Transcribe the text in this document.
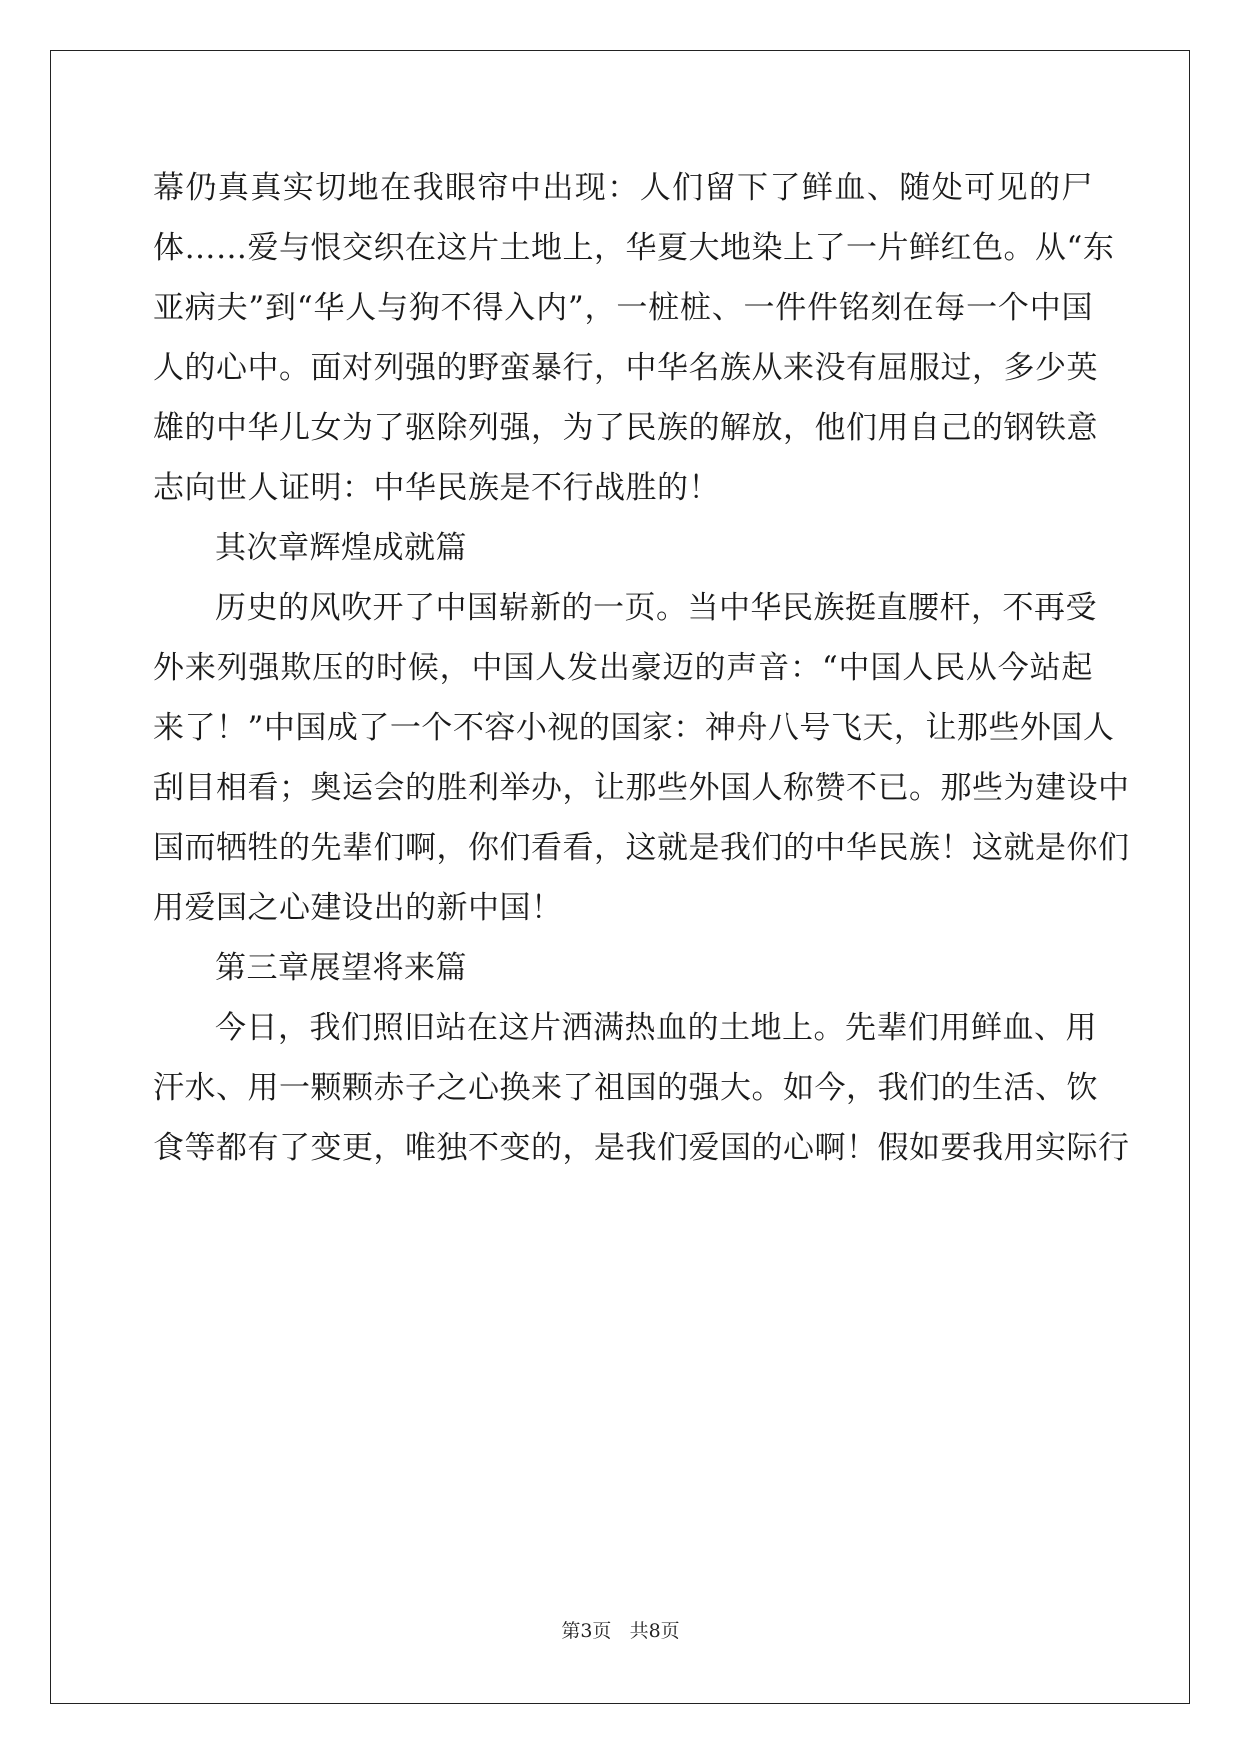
幕仍真真实切地在我眼帘中出现：人们留下了鲜血、随处可见的尸
体……爱与恨交织在这片土地上，华夏大地染上了一片鲜红色。从“东
亚病夫”到“华人与狗不得入内”，一桩桩、一件件铭刻在每一个中国
人的心中。面对列强的野蛮暴行，中华名族从来没有屈服过，多少英
雄的中华儿女为了驱除列强，为了民族的解放，他们用自己的钢铁意
志向世人证明：中华民族是不行战胜的！
其次章辉煌成就篇
历史的风吹开了中国崭新的一页。当中华民族挺直腰杆，不再受
外来列强欺压的时候，中国人发出豪迈的声音：“中国人民从今站起
来了！”中国成了一个不容小视的国家：神舟八号飞天，让那些外国人
刮目相看；奥运会的胜利举办，让那些外国人称赞不已。那些为建设中
国而牺牲的先辈们啊，你们看看，这就是我们的中华民族！这就是你们
用爱国之心建设出的新中国！
第三章展望将来篇
今日，我们照旧站在这片洒满热血的土地上。先辈们用鲜血、用
汗水、用一颗颗赤子之心换来了祖国的强大。如今，我们的生活、饮
食等都有了变更，唯独不变的，是我们爱国的心啊！假如要我用实际行
第3页 共8页
